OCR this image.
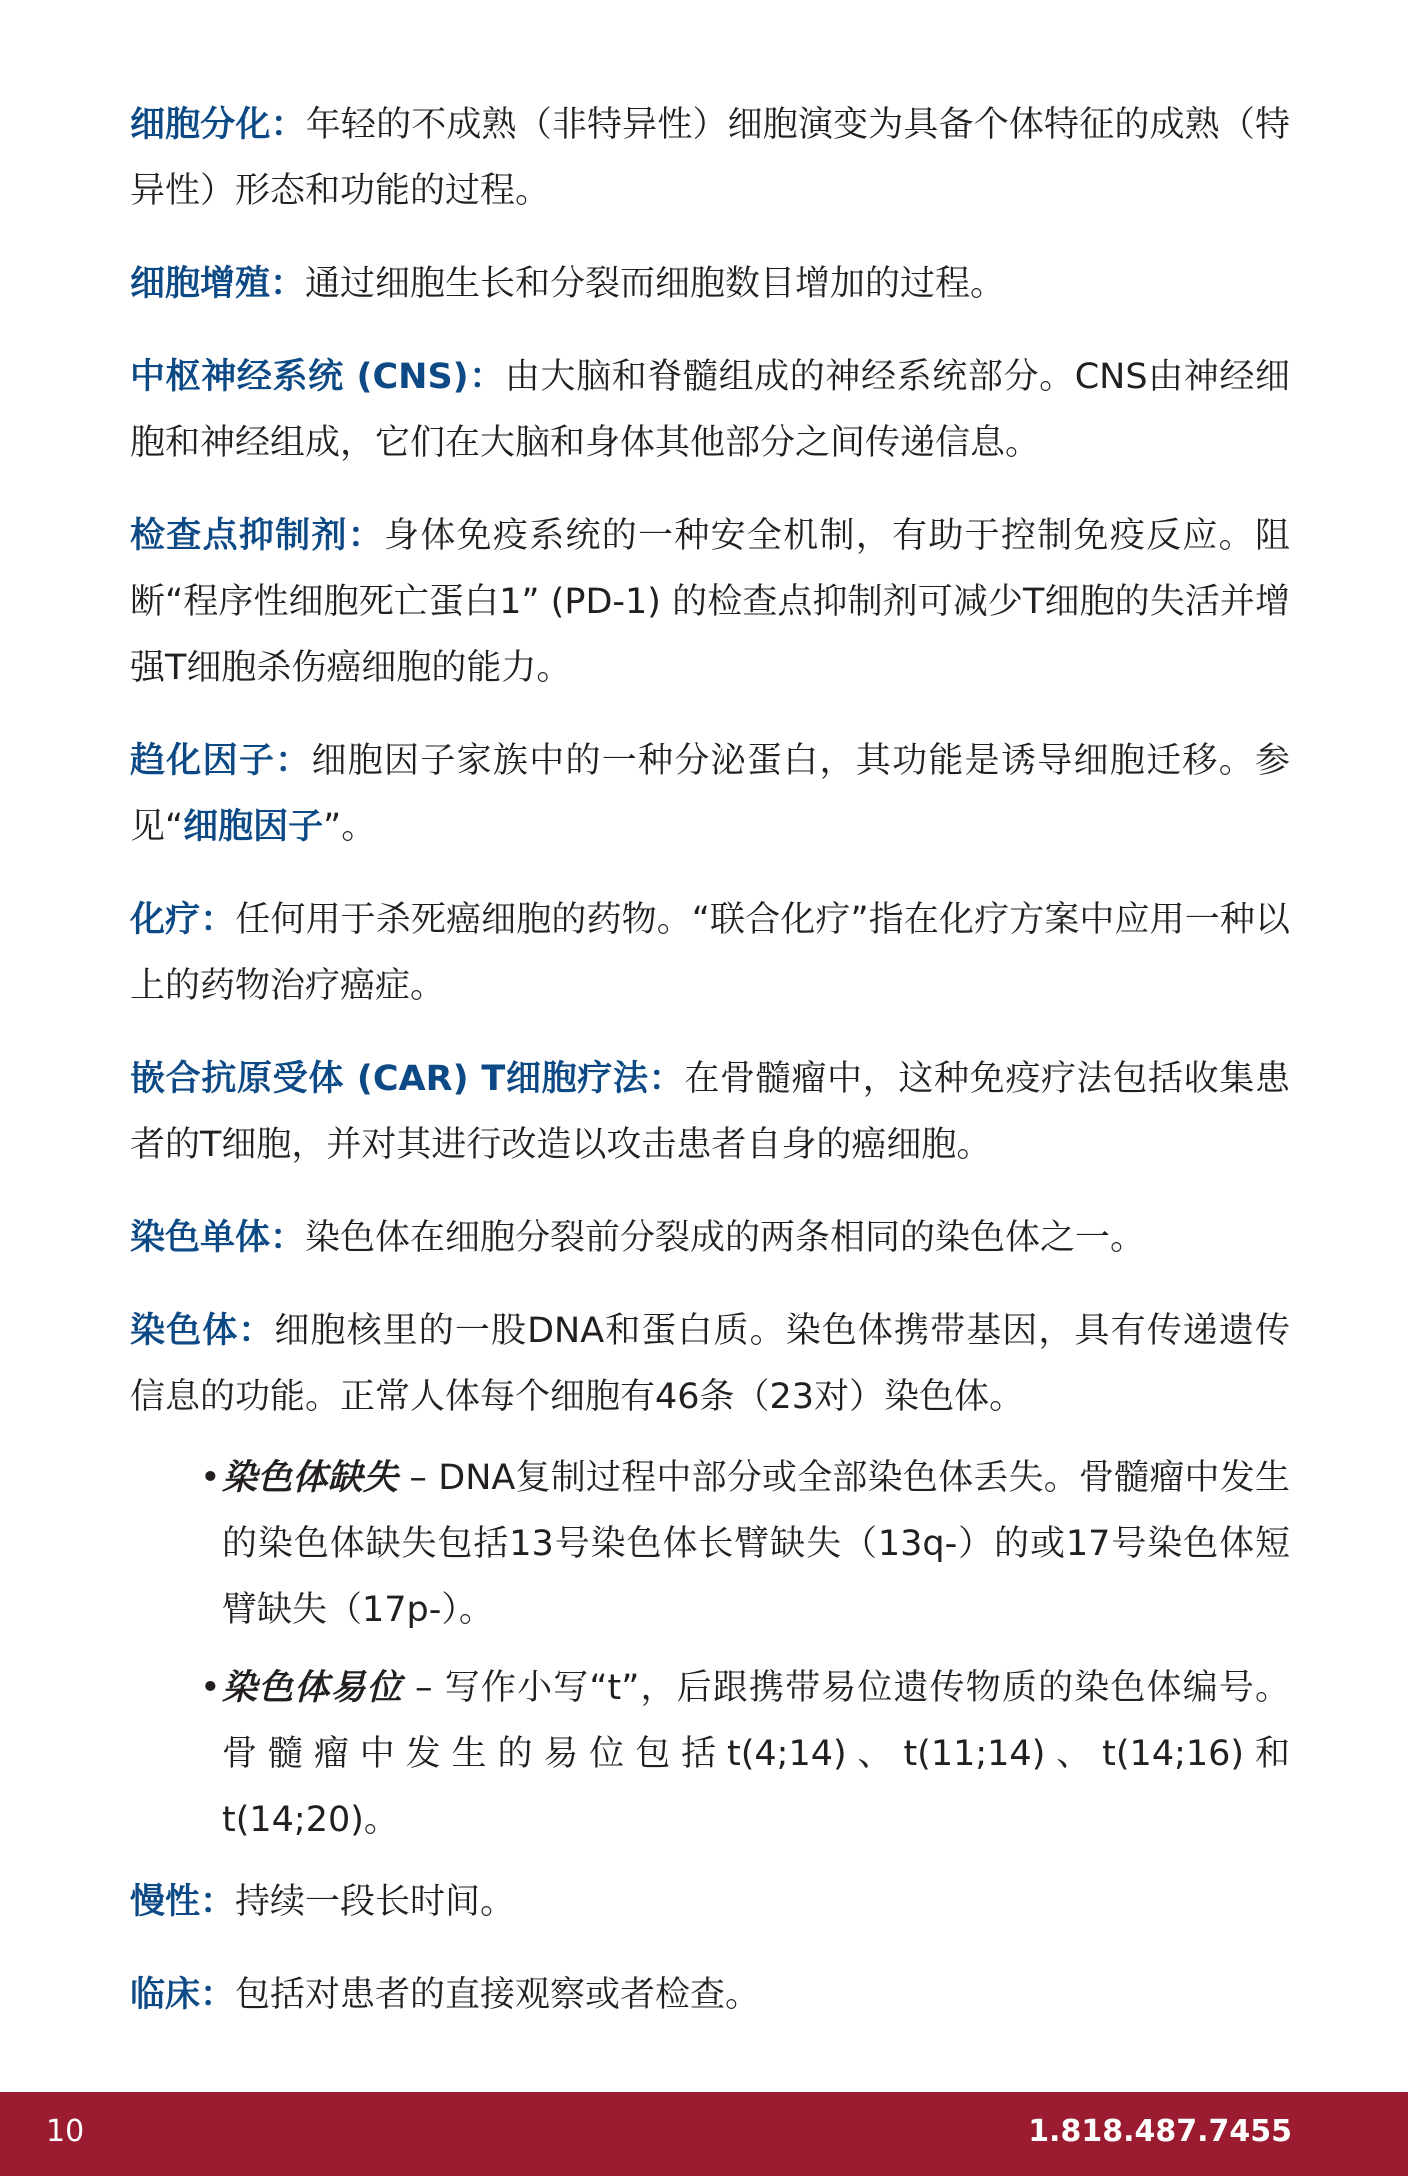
细胞分化：年轻的不成熟（非特异性）细胞演变为具备个体特征的成熟（特异性）形态和功能的过程。

细胞增殖：通过细胞生长和分裂而细胞数目增加的过程。

中枢神经系统 (CNS)：由大脑和脊髓组成的神经系统部分。CNS由神经细胞和神经组成，它们在大脑和身体其他部分之间传递信息。

检查点抑制剂：身体免疫系统的一种安全机制，有助于控制免疫反应。阻断“程序性细胞死亡蛋白1” (PD-1) 的检查点抑制剂可减少T细胞的失活并增强T细胞杀伤癌细胞的能力。

趋化因子：细胞因子家族中的一种分泌蛋白，其功能是诱导细胞迁移。参见“细胞因子”。

化疗：任何用于杀死癌细胞的药物。“联合化疗”指在化疗方案中应用一种以上的药物治疗癌症。

嵌合抗原受体 (CAR) T细胞疗法：在骨髓瘤中，这种免疫疗法包括收集患者的T细胞，并对其进行改造以攻击患者自身的癌细胞。

染色单体：染色体在细胞分裂前分裂成的两条相同的染色体之一。

染色体：细胞核里的一股DNA和蛋白质。染色体携带基因，具有传递遗传信息的功能。正常人体每个细胞有46条（23对）染色体。

• 染色体缺失 – DNA复制过程中部分或全部染色体丢失。骨髓瘤中发生的染色体缺失包括13号染色体长臂缺失（13q-）的或17号染色体短臂缺失（17p-）。
• 染色体易位 – 写作小写“t”，后跟携带易位遗传物质的染色体编号。骨髓瘤中发生的易位包括t(4;14)、t(11;14)、t(14;16)和t(14;20)。

慢性：持续一段长时间。

临床：包括对患者的直接观察或者检查。

10	1.818.487.7455
